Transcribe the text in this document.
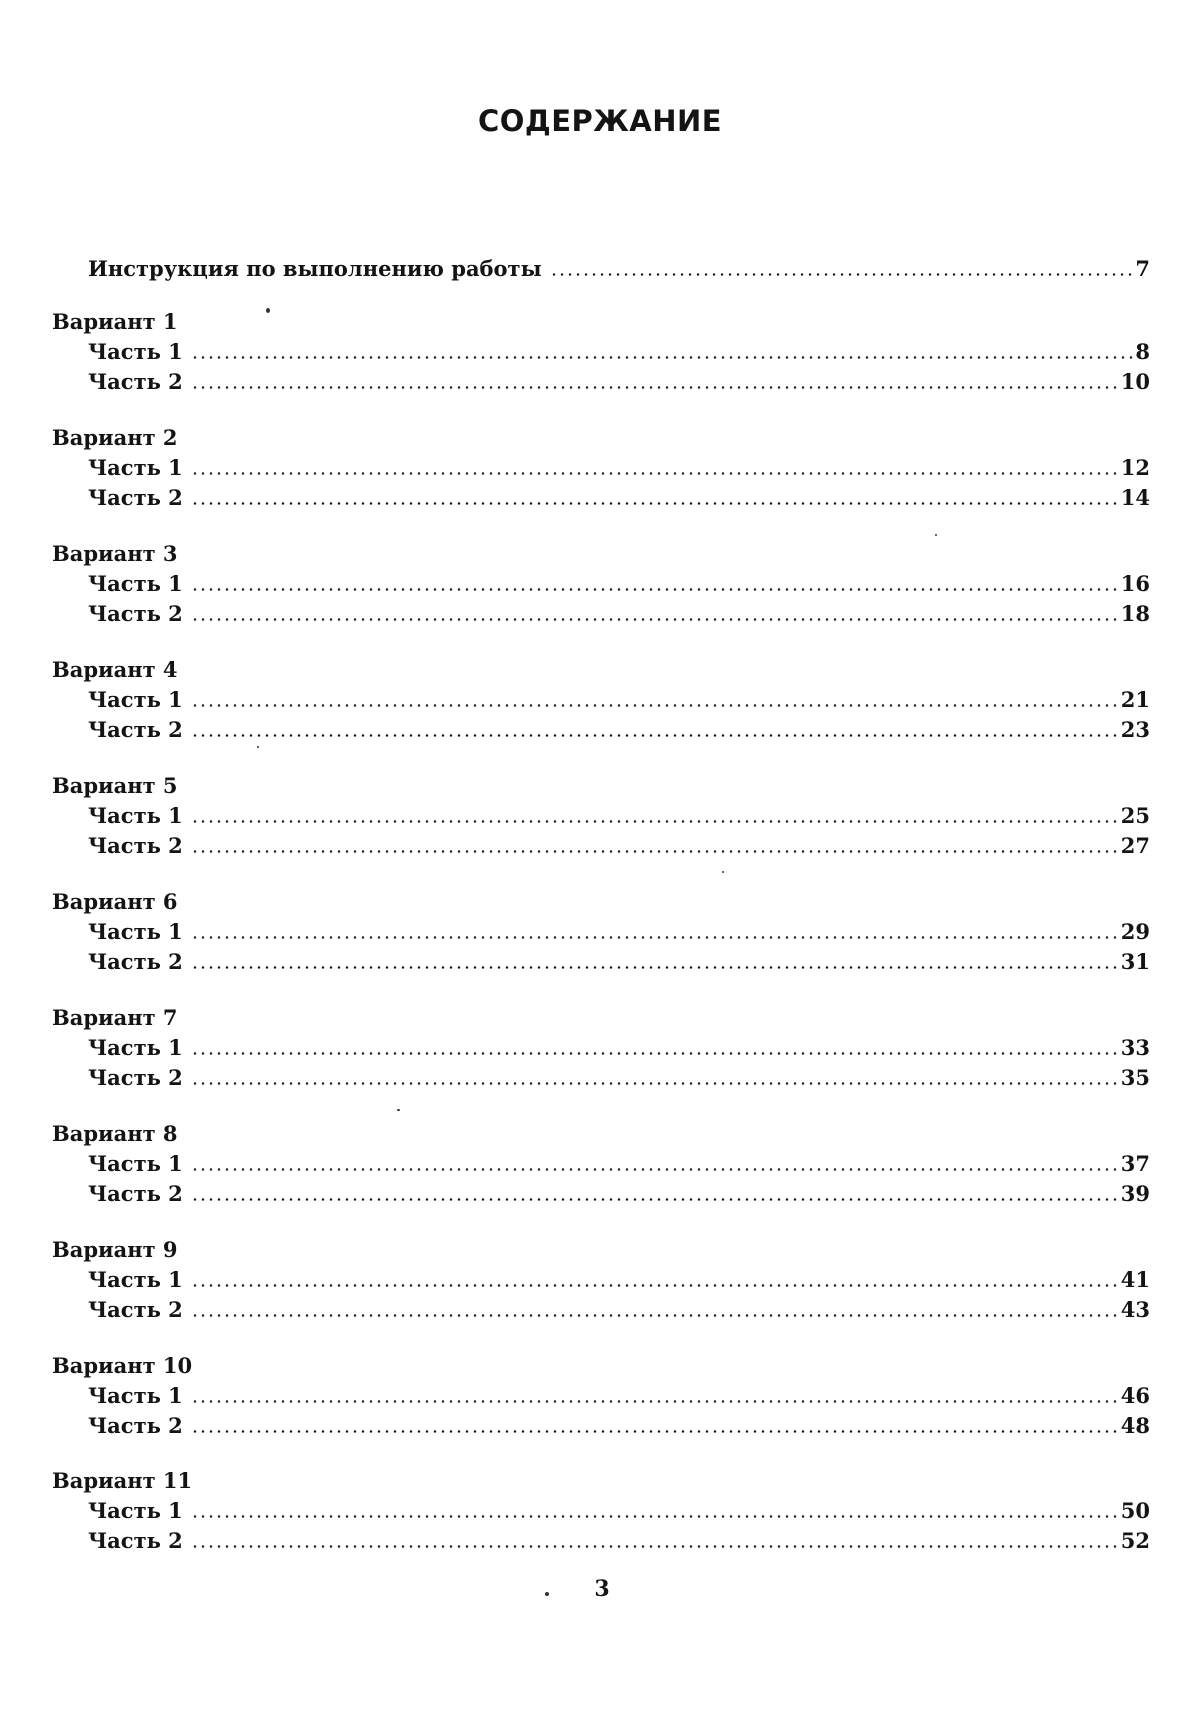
СОДЕРЖАНИЕ
Инструкция по выполнению работы	7
Вариант 1
Часть 1	8
Часть 2	10
Вариант 2
Часть 1	12
Часть 2	14
Вариант 3
Часть 1	16
Часть 2	18
Вариант 4
Часть 1	21
Часть 2	23
Вариант 5
Часть 1	25
Часть 2	27
Вариант 6
Часть 1	29
Часть 2	31
Вариант 7
Часть 1	33
Часть 2	35
Вариант 8
Часть 1	37
Часть 2	39
Вариант 9
Часть 1	41
Часть 2	43
Вариант 10
Часть 1	46
Часть 2	48
Вариант 11
Часть 1	50
Часть 2	52
3
